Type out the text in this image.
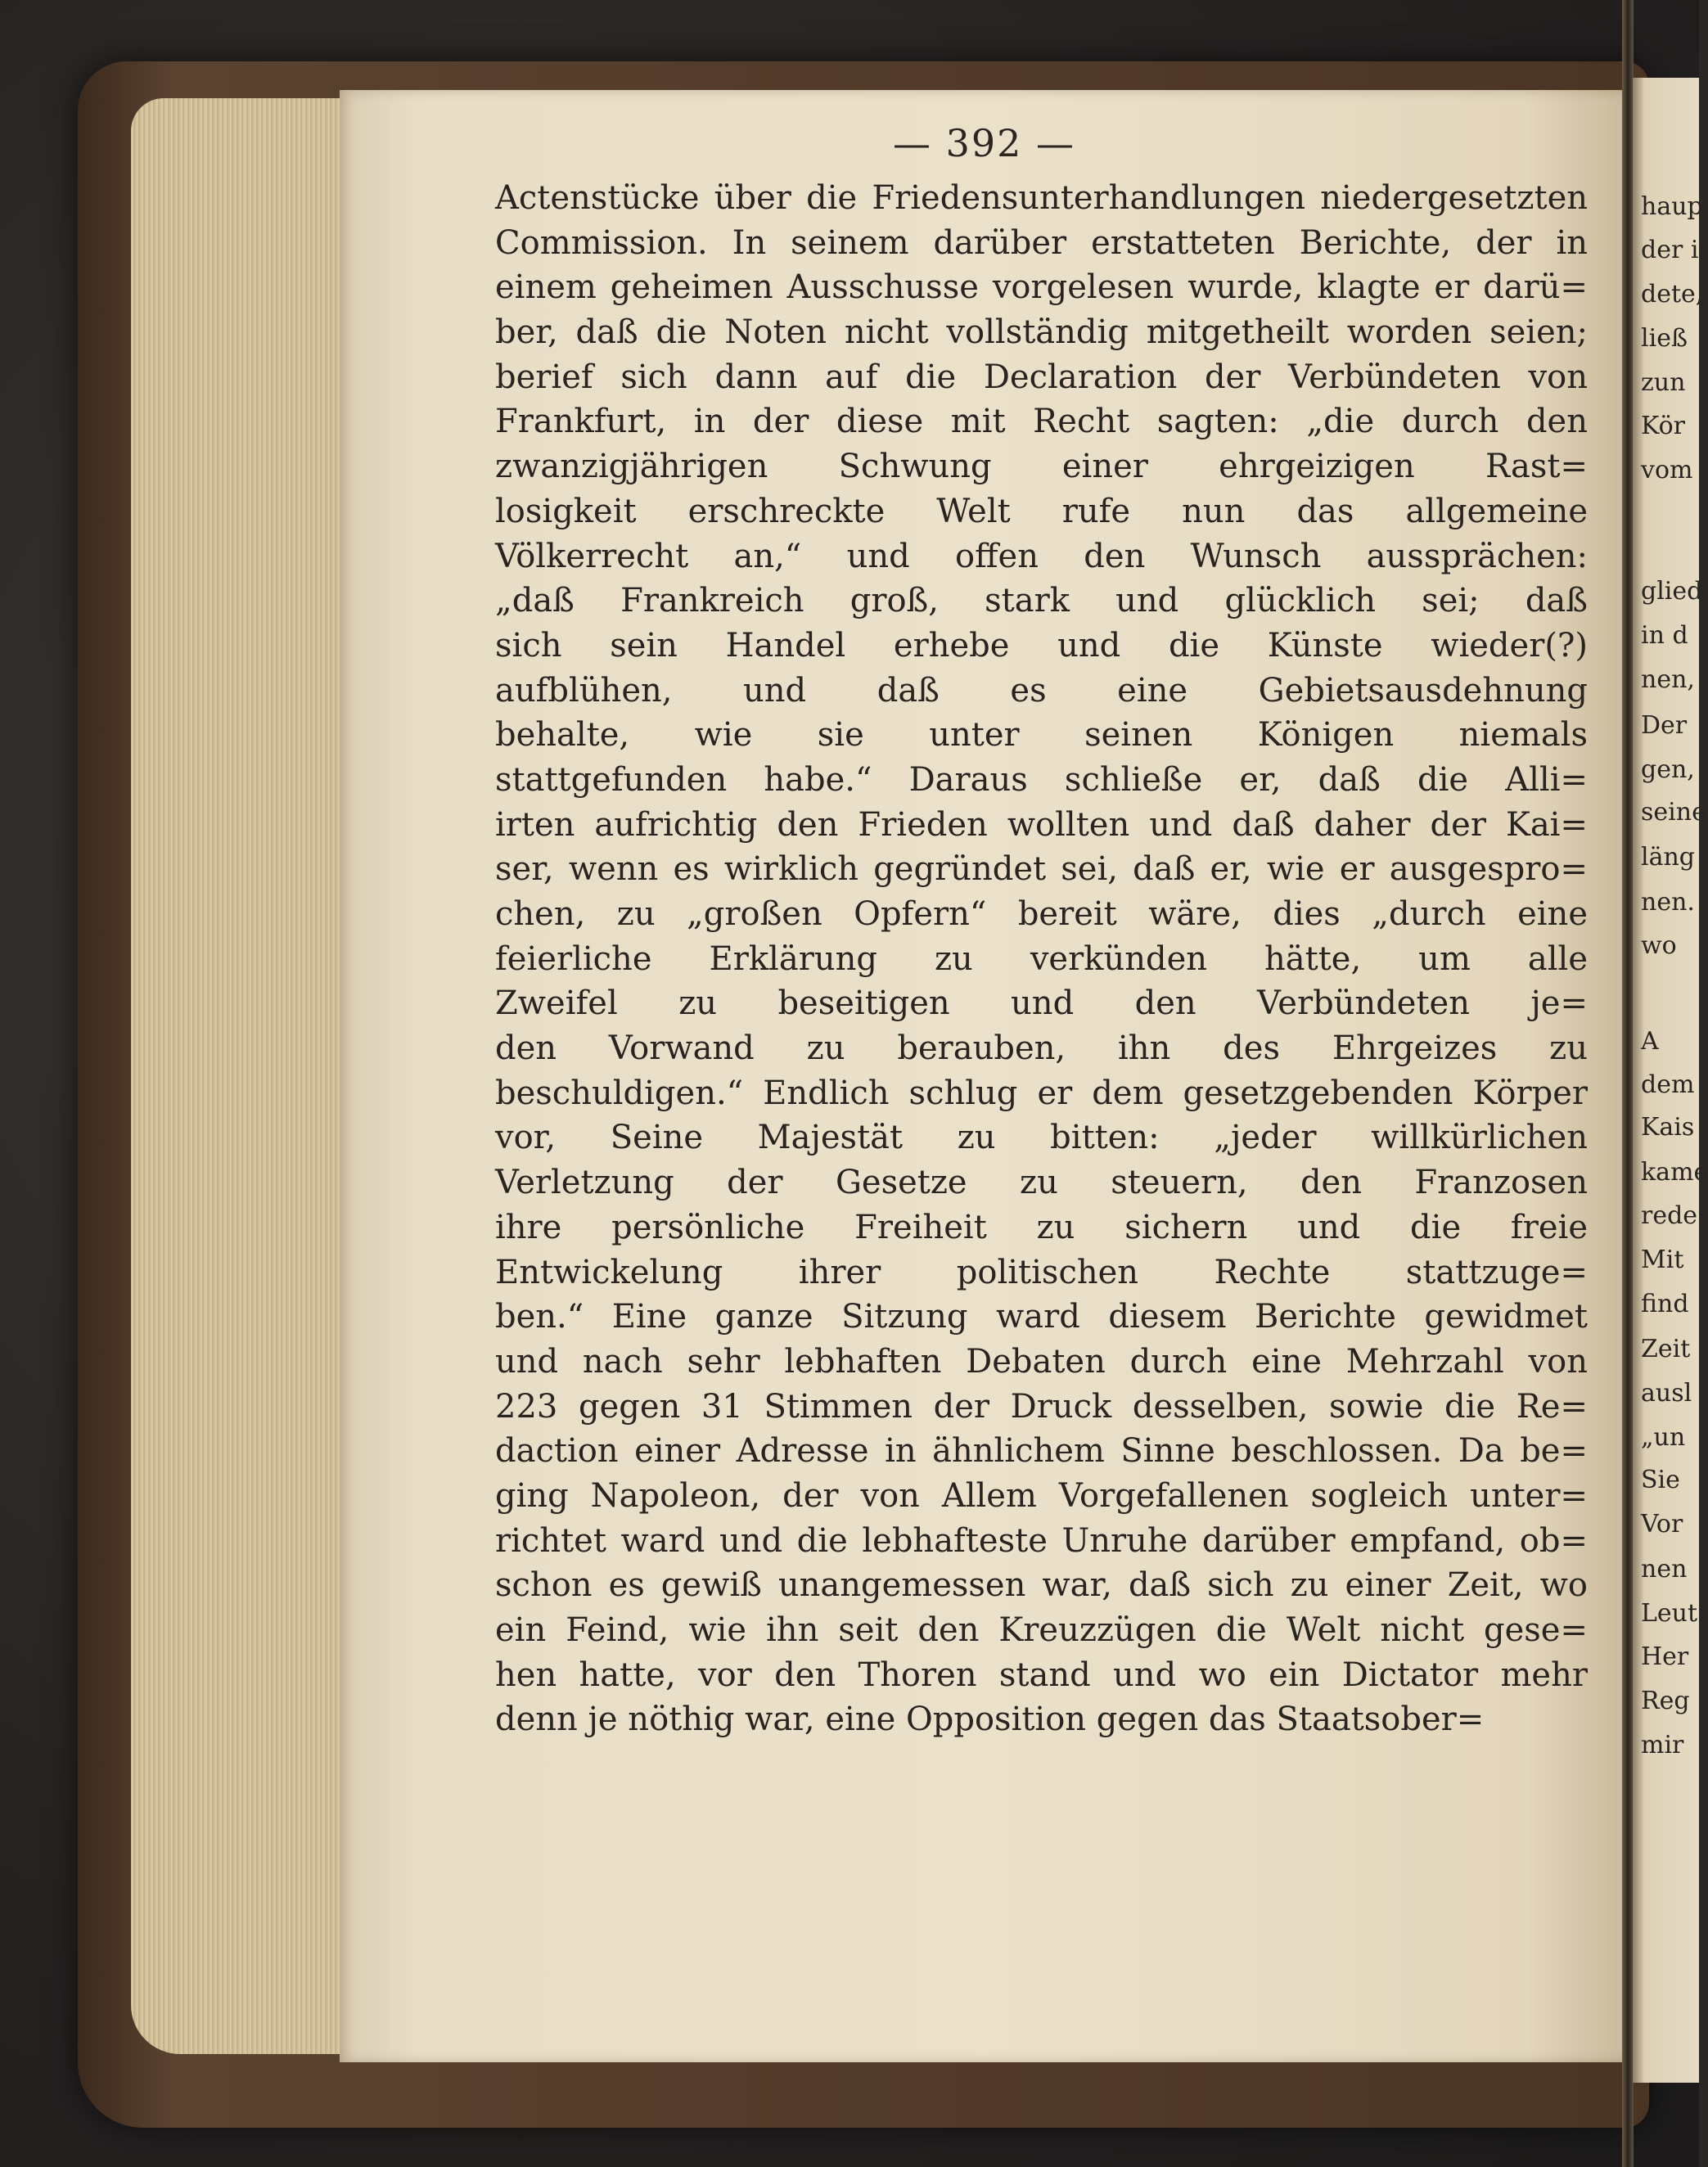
— 392 —
Actenstücke über die Friedensunterhandlungen niedergesetzten
Commission. In seinem darüber erstatteten Berichte, der in
einem geheimen Ausschusse vorgelesen wurde, klagte er darü=
ber, daß die Noten nicht vollständig mitgetheilt worden seien;
berief sich dann auf die Declaration der Verbündeten von
Frankfurt, in der diese mit Recht sagten: „die durch den
zwanzigjährigen Schwung einer ehrgeizigen Rast=
losigkeit erschreckte Welt rufe nun das allgemeine
Völkerrecht an,“ und offen den Wunsch aussprächen:
„daß Frankreich groß, stark und glücklich sei; daß
sich sein Handel erhebe und die Künste wieder(?)
aufblühen, und daß es eine Gebietsausdehnung
behalte, wie sie unter seinen Königen niemals
stattgefunden habe.“ Daraus schließe er, daß die Alli=
irten aufrichtig den Frieden wollten und daß daher der Kai=
ser, wenn es wirklich gegründet sei, daß er, wie er ausgespro=
chen, zu „großen Opfern“ bereit wäre, dies „durch eine
feierliche Erklärung zu verkünden hätte, um alle
Zweifel zu beseitigen und den Verbündeten je=
den Vorwand zu berauben, ihn des Ehrgeizes zu
beschuldigen.“ Endlich schlug er dem gesetzgebenden Körper
vor, Seine Majestät zu bitten: „jeder willkürlichen
Verletzung der Gesetze zu steuern, den Franzosen
ihre persönliche Freiheit zu sichern und die freie
Entwickelung ihrer politischen Rechte stattzuge=
ben.“ Eine ganze Sitzung ward diesem Berichte gewidmet
und nach sehr lebhaften Debaten durch eine Mehrzahl von
223 gegen 31 Stimmen der Druck desselben, sowie die Re=
daction einer Adresse in ähnlichem Sinne beschlossen. Da be=
ging Napoleon, der von Allem Vorgefallenen sogleich unter=
richtet ward und die lebhafteste Unruhe darüber empfand, ob=
schon es gewiß unangemessen war, daß sich zu einer Zeit, wo
ein Feind, wie ihn seit den Kreuzzügen die Welt nicht gese=
hen hatte, vor den Thoren stand und wo ein Dictator mehr
denn je nöthig war, eine Opposition gegen das Staatsober=
haup
der i
dete,
ließ
zun
Kör
vom
glied
in d
nen,
Der
gen,
seine
läng
nen.
wo
A
dem
Kais
kame
rede
Mit
find
Zeit
ausl
„un
Sie
Vor
nen
Leut
Her
Reg
mir
